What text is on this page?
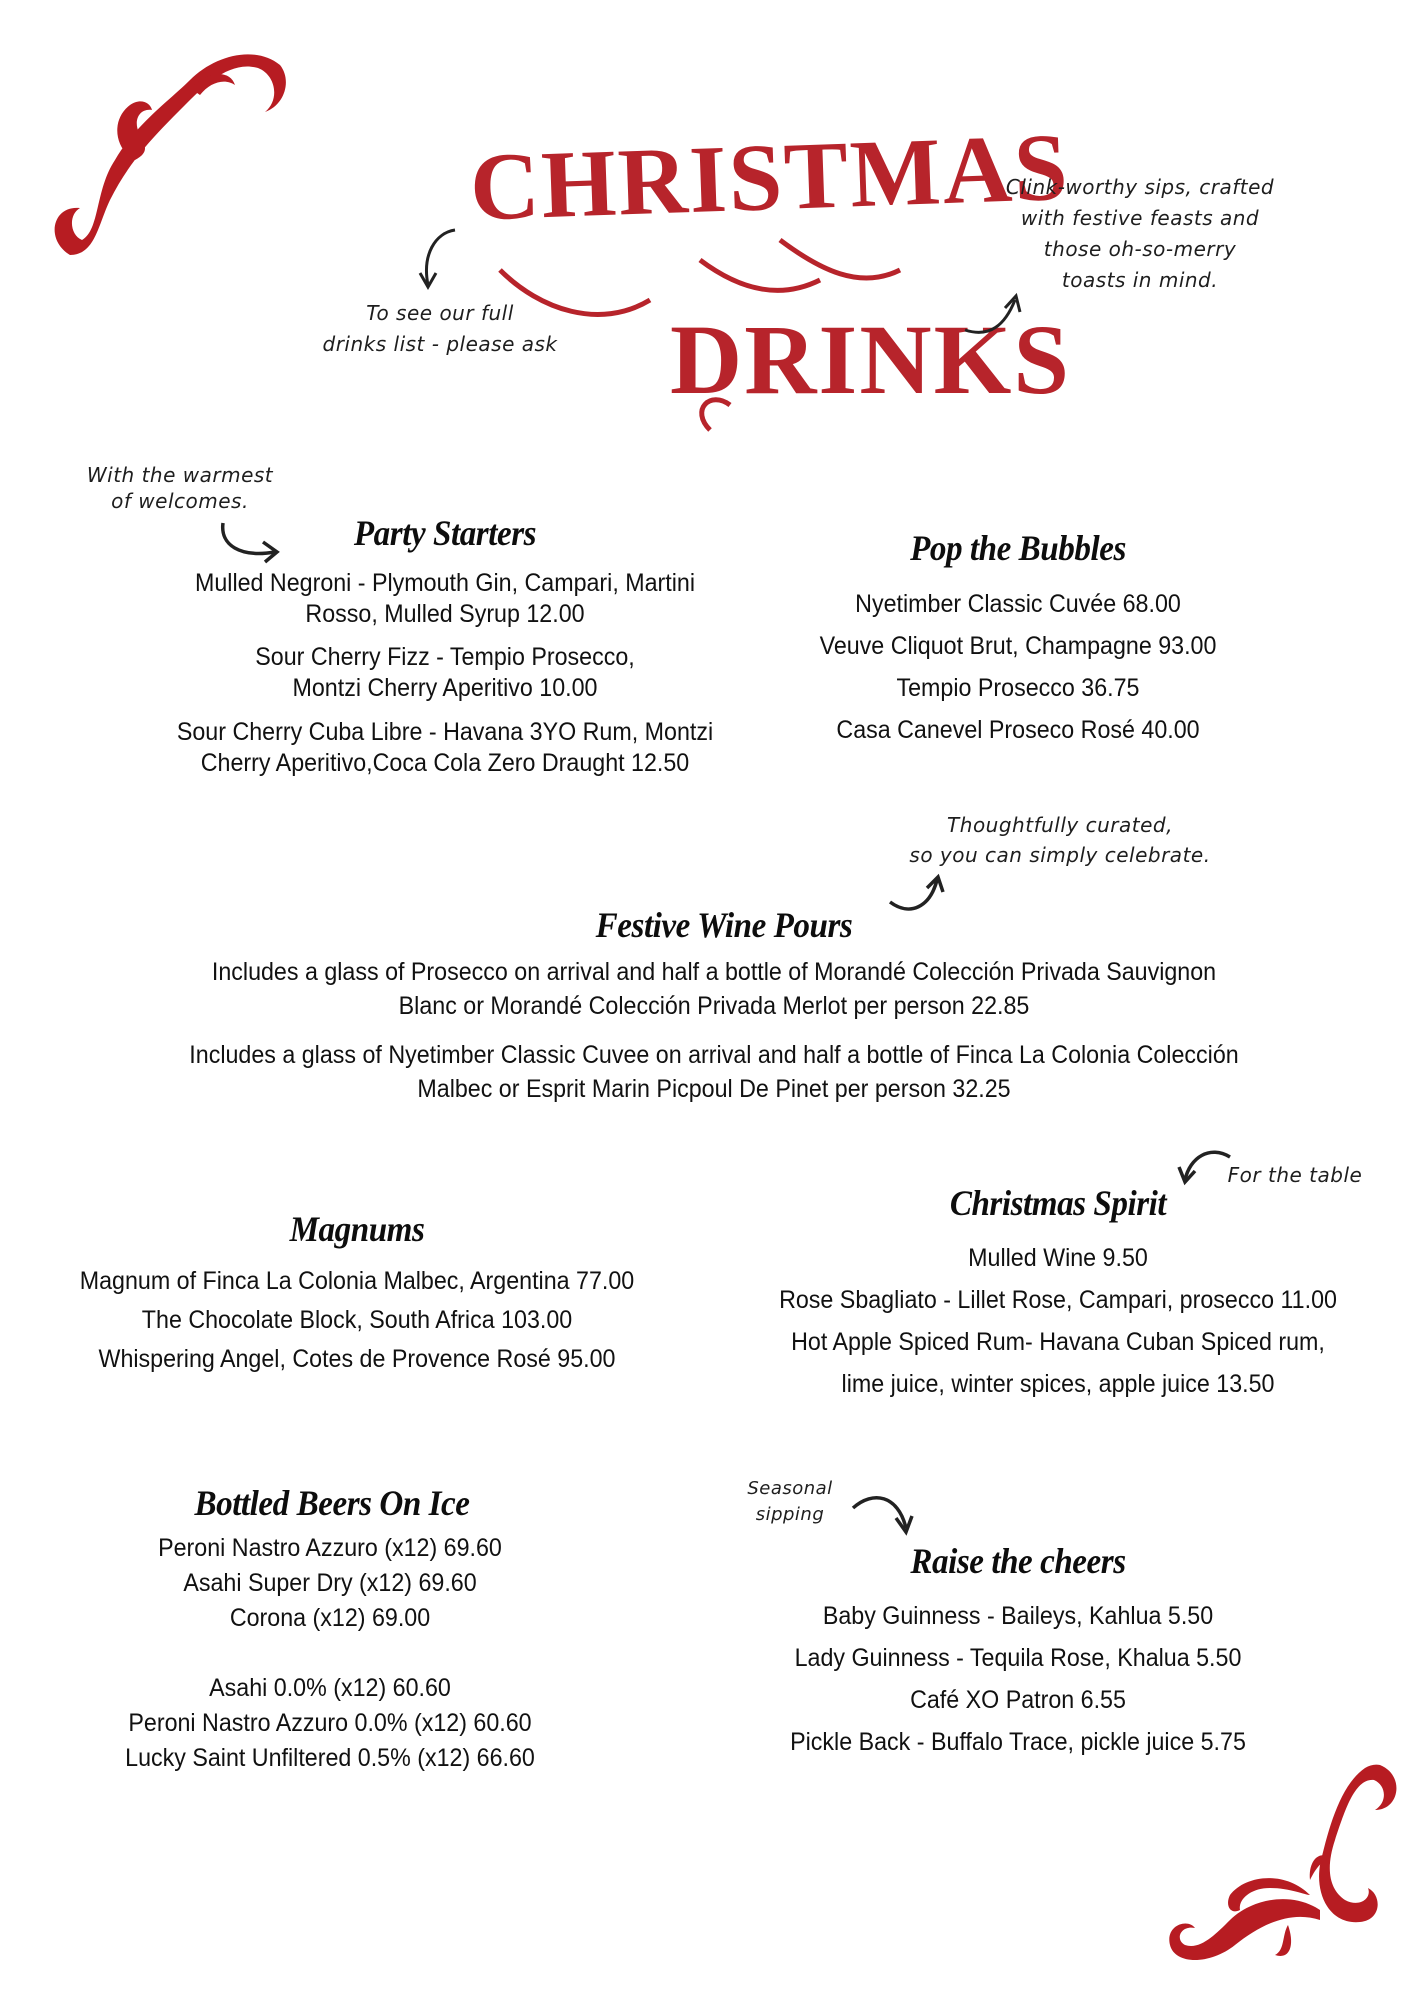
CHRISTMAS
DRINKS
To see our full
drinks list - please ask
Clink-worthy sips, crafted
with festive feasts and
those oh-so-merry
toasts in mind.
With the warmest
of welcomes.
Party Starters
Mulled Negroni - Plymouth Gin, Campari, Martini
Rosso, Mulled Syrup 12.00
Sour Cherry Fizz - Tempio Prosecco,
Montzi Cherry Aperitivo 10.00
Sour Cherry Cuba Libre - Havana 3YO Rum, Montzi
Cherry Aperitivo,Coca Cola Zero Draught 12.50
Pop the Bubbles
Nyetimber Classic Cuvée 68.00
Veuve Cliquot Brut, Champagne 93.00
Tempio Prosecco 36.75
Casa Canevel Proseco Rosé 40.00
Thoughtfully curated,
so you can simply celebrate.
Festive Wine Pours
Includes a glass of Prosecco on arrival and half a bottle of Morandé Colección Privada Sauvignon
Blanc or Morandé Colección Privada Merlot per person 22.85
Includes a glass of Nyetimber Classic Cuvee on arrival and half a bottle of Finca La Colonia Colección
Malbec or Esprit Marin Picpoul De Pinet per person 32.25
Magnums
Magnum of Finca La Colonia Malbec, Argentina 77.00
The Chocolate Block, South Africa 103.00
Whispering Angel, Cotes de Provence Rosé 95.00
For the table
Christmas Spirit
Mulled Wine 9.50
Rose Sbagliato - Lillet Rose, Campari, prosecco 11.00
Hot Apple Spiced Rum- Havana Cuban Spiced rum,
lime juice, winter spices, apple juice 13.50
Bottled Beers On Ice
Peroni Nastro Azzuro (x12) 69.60
Asahi Super Dry (x12) 69.60
Corona (x12) 69.00
Asahi 0.0% (x12) 60.60
Peroni Nastro Azzuro 0.0% (x12) 60.60
Lucky Saint Unfiltered 0.5% (x12) 66.60
Seasonal
sipping
Raise the cheers
Baby Guinness - Baileys, Kahlua 5.50
Lady Guinness - Tequila Rose, Khalua 5.50
Café XO Patron 6.55
Pickle Back - Buffalo Trace, pickle juice 5.75
